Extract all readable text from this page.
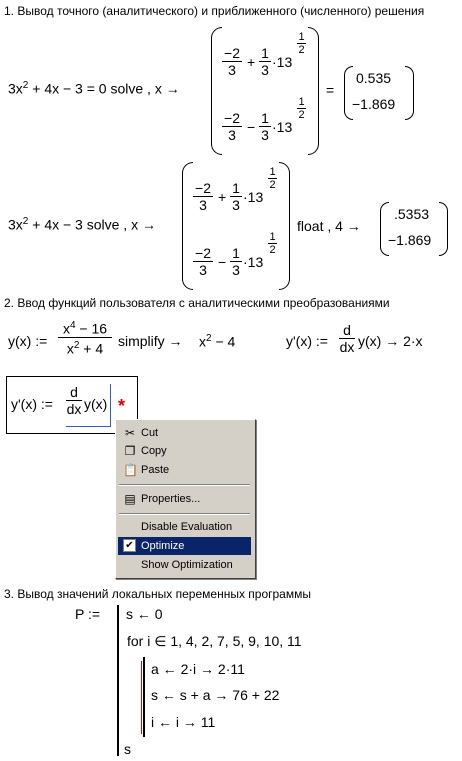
1. Вывод точного (аналитического) и приближенного (численного) решения
$3x^2 + 4x - 3 = 0$ solve , x →
−2
3 +
1
3 ·13
1
2
−2
3 −
1
3 ·13
1
2
=
0.535
−1.869
$3x^2 + 4x - 3$ solve , x →
−2
3 +
1
3 ·13
1
2
−2
3 −
1
3 ·13
1
2
float , 4 →
.5353
−1.869
2. Ввод функций пользователя с аналитическими преобразованиями
y(x) :=
$x^4 - 16$
$x^2 + 4$	simplify → $x^2 - 4$	y'(x) :=
d
dx y(x) → 2·x
y'(x) :=
d
dx y(x) *
✂ Cut
❐ Copy
📋 Paste
▤ Properties...
Disable Evaluation
✔ Optimize
Show Optimization
3. Вывод значений локальных переменных программы
P := s ← 0
for i ∈ 1, 4, 2, 7, 5, 9, 10, 11
a ← 2·i → 2·11
s ← s + a → 76 + 22
i ← i → 11
s
